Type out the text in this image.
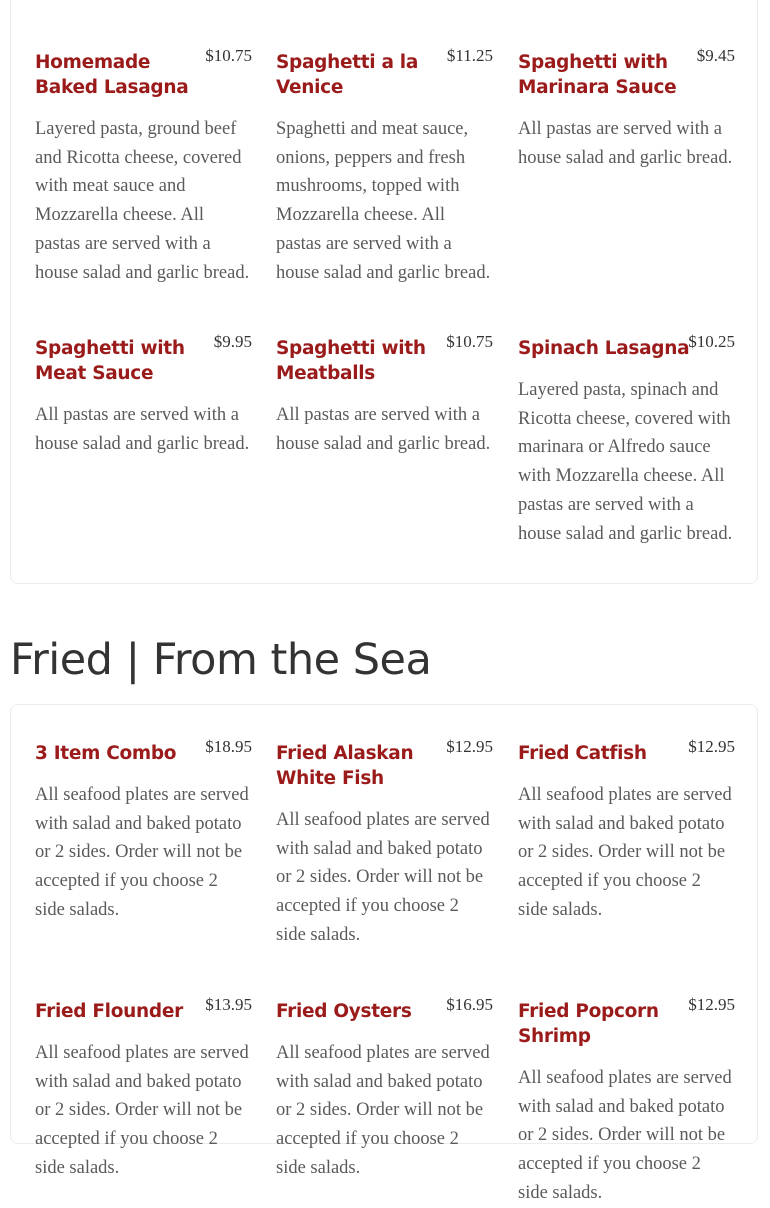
Homemade Baked Lasagna
$10.75
Layered pasta, ground beef and Ricotta cheese, covered with meat sauce and Mozzarella cheese. All pastas are served with a house salad and garlic bread.
Spaghetti a la Venice
$11.25
Spaghetti and meat sauce, onions, peppers and fresh mushrooms, topped with Mozzarella cheese. All pastas are served with a house salad and garlic bread.
Spaghetti with Marinara Sauce
$9.45
All pastas are served with a house salad and garlic bread.
Spaghetti with Meat Sauce
$9.95
All pastas are served with a house salad and garlic bread.
Spaghetti with Meatballs
$10.75
All pastas are served with a house salad and garlic bread.
Spinach Lasagna
$10.25
Layered pasta, spinach and Ricotta cheese, covered with marinara or Alfredo sauce with Mozzarella cheese. All pastas are served with a house salad and garlic bread.
Fried | From the Sea
3 Item Combo	$18.95
All seafood plates are served with salad and baked potato or 2 sides. Order will not be accepted if you choose 2 side salads.
Fried Alaskan White Fish
$12.95
All seafood plates are served with salad and baked potato or 2 sides. Order will not be accepted if you choose 2 side salads.
Fried Catfish	$12.95
All seafood plates are served with salad and baked potato or 2 sides. Order will not be accepted if you choose 2 side salads.
Fried Flounder	$13.95
All seafood plates are served with salad and baked potato or 2 sides. Order will not be accepted if you choose 2 side salads.
Fried Oysters	$16.95
All seafood plates are served with salad and baked potato or 2 sides. Order will not be accepted if you choose 2 side salads.
Fried Popcorn Shrimp
$12.95
All seafood plates are served with salad and baked potato or 2 sides. Order will not be accepted if you choose 2 side salads.
